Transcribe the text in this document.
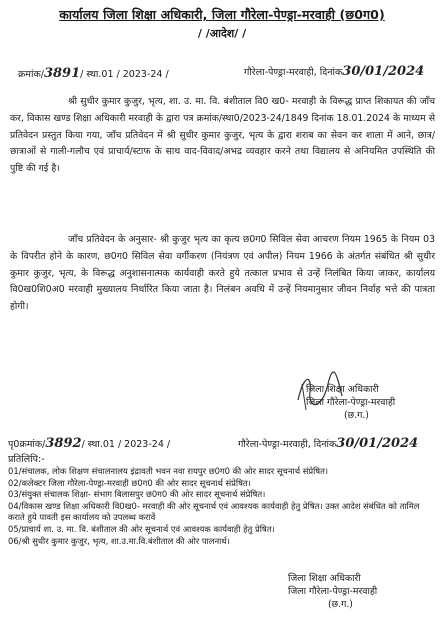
कार्यालय जिला शिक्षा अधिकारी, जिला गौरेला-पेण्ड्रा-मरवाही (छ0ग0)
/ /आदेश/ /
क्रमांक/3891/ स्था.01 / 2023-24 /	गौरेला-पेण्ड्रा-मरवाही, दिनांक30/01/2024
श्री सुधीर कुमार कुजुर, भृत्य, शा. उ. मा. वि. बंशीताल वि0 ख0- मरवाही के विरूद्ध प्राप्त शिकायत की जाँच कर, विकास खण्ड शिक्षा अधिकारी मरवाही के द्वारा पत्र क्रमांक/स्था0/2023-24/1849 दिनांक 18.01.2024 के माध्यम से प्रतिवेदन प्रस्तुत किया गया, जाँच प्रतिवेदन में श्री सुधीर कुमार कुजुर, भृत्य के द्वारा शराब का सेवन कर शाला में आने, छात्र/छात्राओं से गाली-गलौच एवं प्राचार्य/स्टाफ के साथ वाद-विवाद/अभद्र व्यवहार करने तथा विद्यालय से अनियमित उपस्थिति की पुष्टि की गई है।
जाँच प्रतिवेदन के अनुसार- श्री कुजुर भृत्य का कृत्य छ0ग0 सिविल सेवा आचरण नियम 1965 के नियम 03 के विपरीत होने के कारण, छ0ग0 सिविल सेवा वर्गीकरण (नियंत्रण एवं अपील) नियम 1966 के अंतर्गत संबंधित श्री सुधीर कुमार कुजुर, भृत्य, के विरूद्ध अनुशासनात्मक कार्यवाही करते हुये तत्काल प्रभाव से उन्हें निलंबित किया जाकर, कार्यालय वि0ख0शि0अ0 मरवाही मुख्यालय निर्धारित किया जाता है। निलंबन अवधि में उन्हें नियमानुसार जीवन निर्वाह भत्ते की पात्रता होगी।
जिला शिक्षा अधिकारी
जिला गौरेला-पेण्ड्रा-मरवाही
(छ.ग.)
पृ0क्रमांक/3892/ स्था.01 / 2023-24 /	गौरेला-पेण्ड्रा-मरवाही, दिनांक30/01/2024
प्रतिलिपि:-
01/संचालक, लोक शिक्षण संचालनालय इंद्रावती भवन नवा रायपुर छ0ग0 की ओर सादर सूचनार्थ संप्रेषित।
02/कलेक्टर जिला गौरेला-पेण्ड्रा-मरवाही छ0ग0 की ओर सादर सूचनार्थ संप्रेषित।
03/संयुक्त संचालक शिक्षा- संभाग बिलासपुर छ0ग0 की ओर सादर सूचनार्थ संप्रेषित।
04/विकास खण्ड शिक्षा अधिकारी वि0ख0- मरवाही की ओर सूचनार्थ एवं आवश्यक कार्यवाही हेतु प्रेषित। उक्त आदेश संबंधित को तामिल कराते हुये पावती इस कार्यालय को उपलब्ध करावें
05/प्राचार्य शा. उ. मा. वि. बंशीताल की ओर सूचनार्थ एवं आवश्यक कार्यवाही हेतु प्रेषित।
06/श्री सुधीर कुमार कुजुर, भृत्य, शा.उ.मा.वि.बंशीताल की ओर पालनार्थ।
जिला शिक्षा अधिकारी
जिला गौरेला-पेण्ड्रा-मरवाही
(छ.ग.)
